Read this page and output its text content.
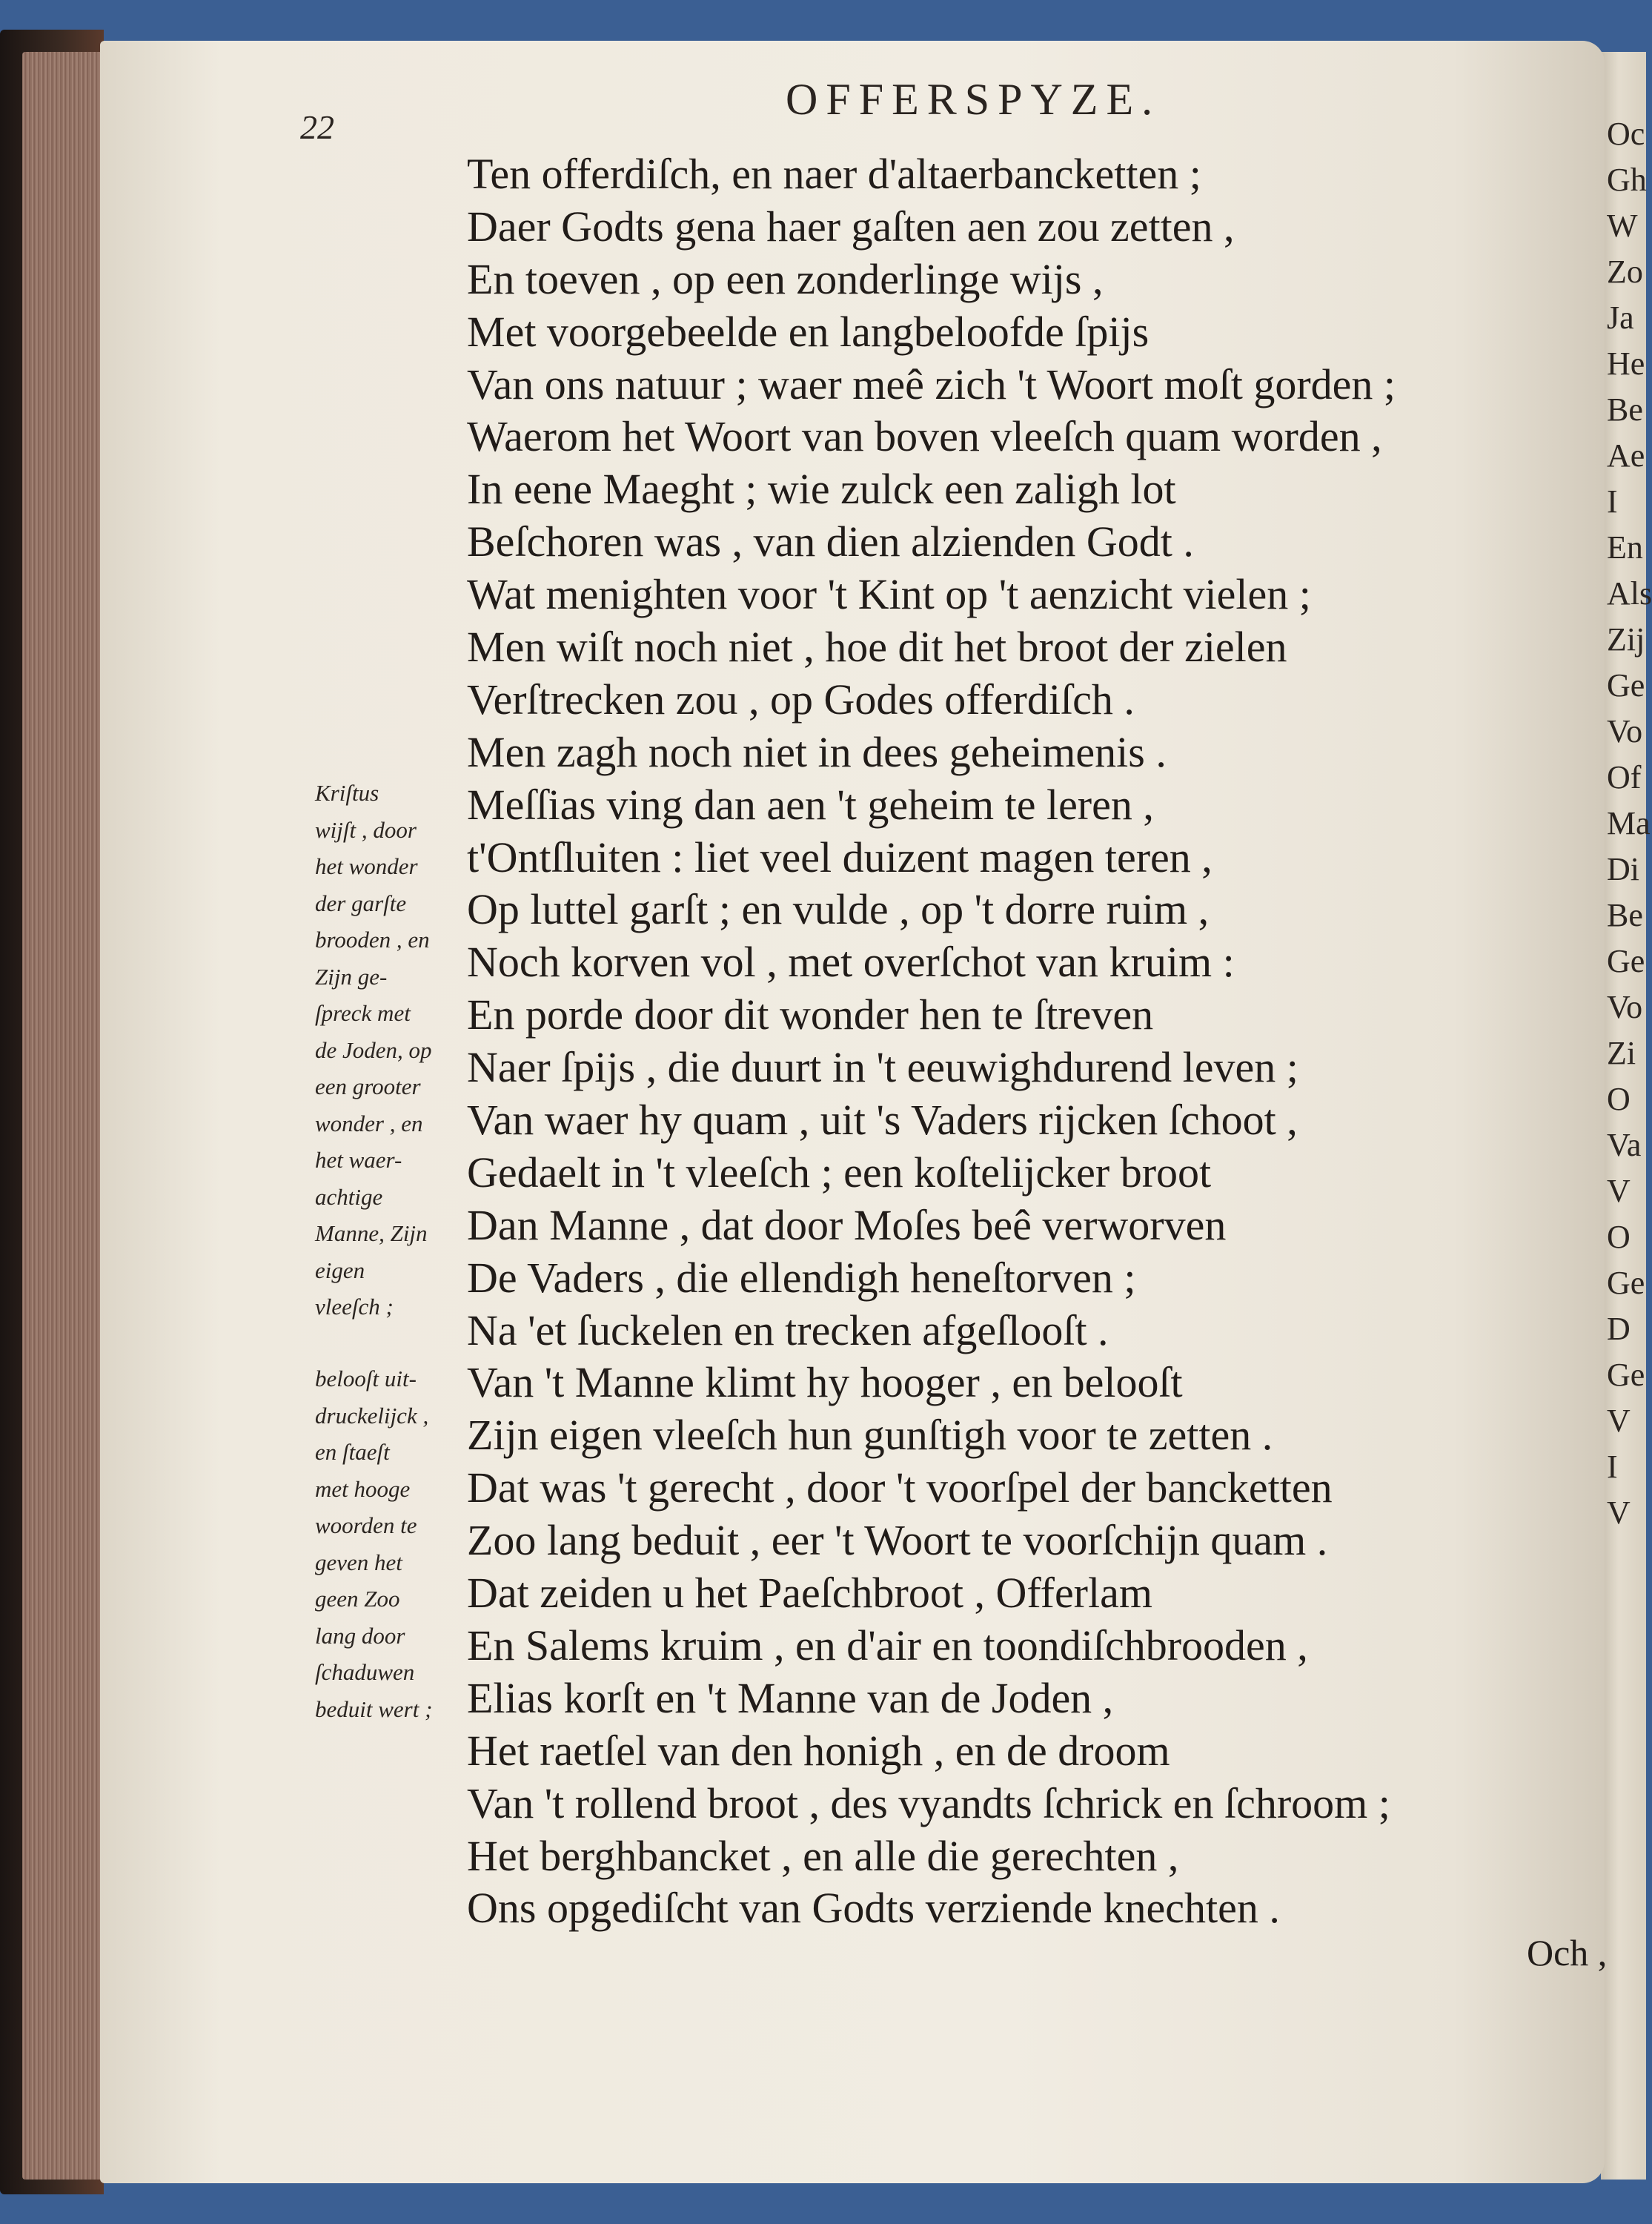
Oc
Gh
W
Zo
Ja
He
Be
Ae
I
En
Als
Zij
Ge
Vo
Of
Ma
Di
Be
Ge
Vo
Zi
O
Va
V
O
Ge
D
Ge
V
I
V
22
OFFERSPYZE.
Ten offerdiſch, en naer d'altaerbancketten ;
Daer Godts gena haer gaſten aen zou zetten ,
En toeven , op een zonderlinge wijs ,
Met voorgebeelde en langbeloofde ſpijs
Van ons natuur ; waer meê zich 't Woort moſt gorden ;
Waerom het Woort van boven vleeſch quam worden ,
In eene Maeght ; wie zulck een zaligh lot
Beſchoren was , van dien alzienden Godt .
Wat menighten voor 't Kint op 't aenzicht vielen ;
Men wiſt noch niet , hoe dit het broot der zielen
Verſtrecken zou , op Godes offerdiſch .
Men zagh noch niet in dees geheimenis .
Meſſias ving dan aen 't geheim te leren ,
t'Ontſluiten : liet veel duizent magen teren ,
Op luttel garſt ; en vulde , op 't dorre ruim ,
Noch korven vol , met overſchot van kruim :
En porde door dit wonder hen te ſtreven
Naer ſpijs , die duurt in 't eeuwighdurend leven ;
Van waer hy quam , uit 's Vaders rijcken ſchoot ,
Gedaelt in 't vleeſch ; een koſtelijcker broot
Dan Manne , dat door Moſes beê verworven
De Vaders , die ellendigh heneſtorven ;
Na 'et ſuckelen en trecken afgeſlooſt .
Van 't Manne klimt hy hooger , en belooſt
Zijn eigen vleeſch hun gunſtigh voor te zetten .
Dat was 't gerecht , door 't voorſpel der bancketten
Zoo lang beduit , eer 't Woort te voorſchijn quam .
Dat zeiden u het Paeſchbroot , Offerlam
En Salems kruim , en d'air en toondiſchbrooden ,
Elias korſt en 't Manne van de Joden ,
Het raetſel van den honigh , en de droom
Van 't rollend broot , des vyandts ſchrick en ſchroom ;
Het berghbancket , en alle die gerechten ,
Ons opgediſcht van Godts verziende knechten .
Kriſtus
wijſt , door
het wonder
der garſte
brooden , en
Zijn ge-
ſpreck met
de Joden, op
een grooter
wonder , en
het waer-
achtige
Manne, Zijn
eigen
vleeſch ;
belooſt uit-
druckelijck ,
en ſtaeſt
met hooge
woorden te
geven het
geen Zoo
lang door
ſchaduwen
beduit wert ;
Och ,
